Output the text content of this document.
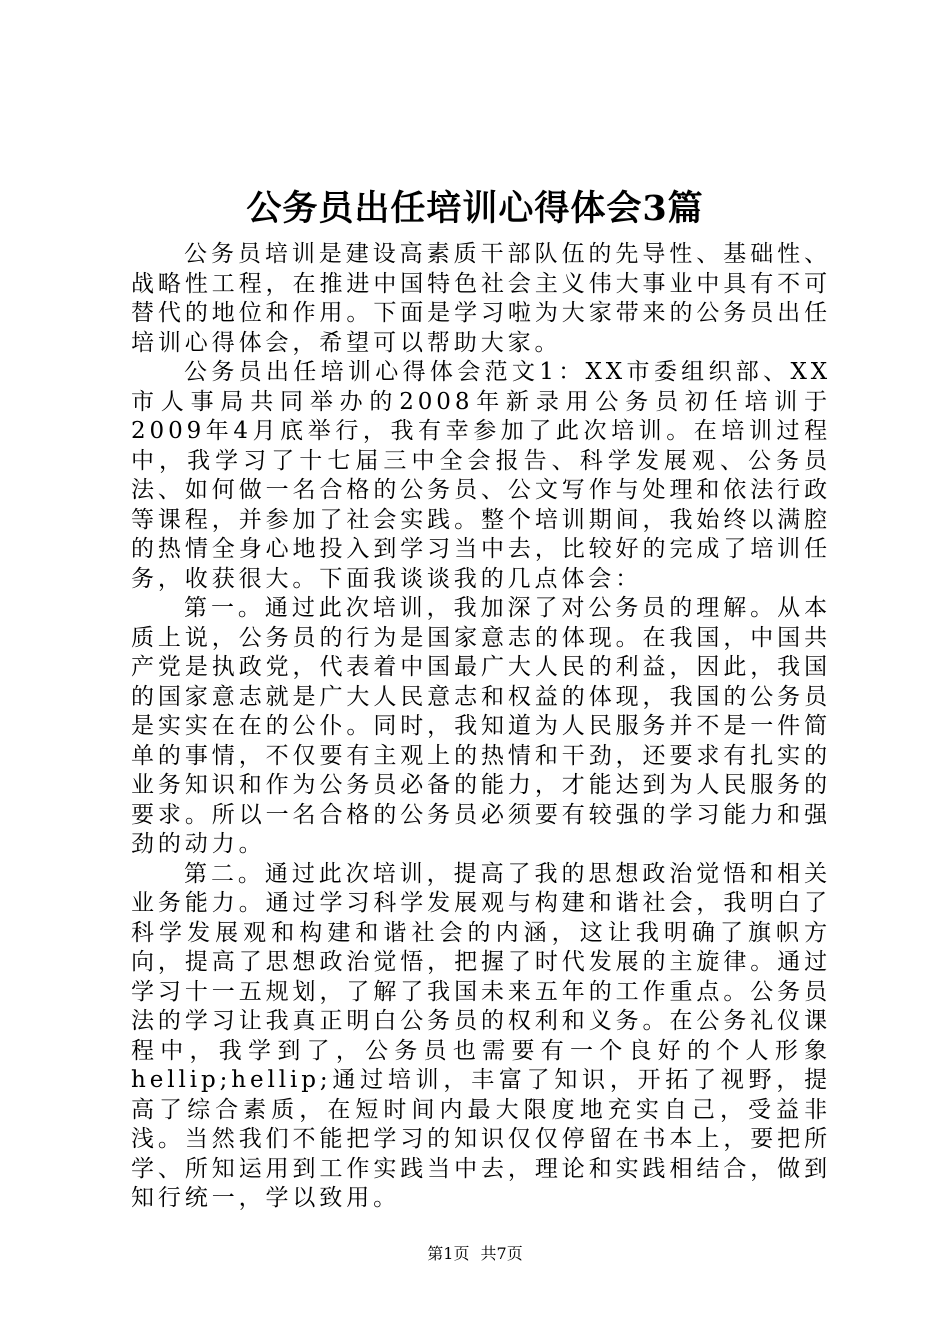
公务员出任培训心得体会3篇

公务员培训是建设高素质干部队伍的先导性、基础性、战略性工程，在推进中国特色社会主义伟大事业中具有不可替代的地位和作用。下面是学习啦为大家带来的公务员出任培训心得体会，希望可以帮助大家。

公务员出任培训心得体会范文1：XX市委组织部、XX市人事局共同举办的2008年新录用公务员初任培训于2009年4月底举行，我有幸参加了此次培训。在培训过程中，我学习了十七届三中全会报告、科学发展观、公务员法、如何做一名合格的公务员、公文写作与处理和依法行政等课程，并参加了社会实践。整个培训期间，我始终以满腔的热情全身心地投入到学习当中去，比较好的完成了培训任务，收获很大。下面我谈谈我的几点体会：

第一。通过此次培训，我加深了对公务员的理解。从本质上说，公务员的行为是国家意志的体现。在我国，中国共产党是执政党，代表着中国最广大人民的利益，因此，我国的国家意志就是广大人民意志和权益的体现，我国的公务员是实实在在的公仆。同时，我知道为人民服务并不是一件简单的事情，不仅要有主观上的热情和干劲，还要求有扎实的业务知识和作为公务员必备的能力，才能达到为人民服务的要求。所以一名合格的公务员必须要有较强的学习能力和强劲的动力。

第二。通过此次培训，提高了我的思想政治觉悟和相关业务能力。通过学习科学发展观与构建和谐社会，我明白了科学发展观和构建和谐社会的内涵，这让我明确了旗帜方向，提高了思想政治觉悟，把握了时代发展的主旋律。通过学习十一五规划，了解了我国未来五年的工作重点。公务员法的学习让我真正明白公务员的权利和义务。在公务礼仪课程中，我学到了，公务员也需要有一个良好的个人形象hellip;hellip;通过培训，丰富了知识，开拓了视野，提高了综合素质，在短时间内最大限度地充实自己，受益非浅。当然我们不能把学习的知识仅仅停留在书本上，要把所学、所知运用到工作实践当中去，理论和实践相结合，做到知行统一，学以致用。

第1页 共7页
